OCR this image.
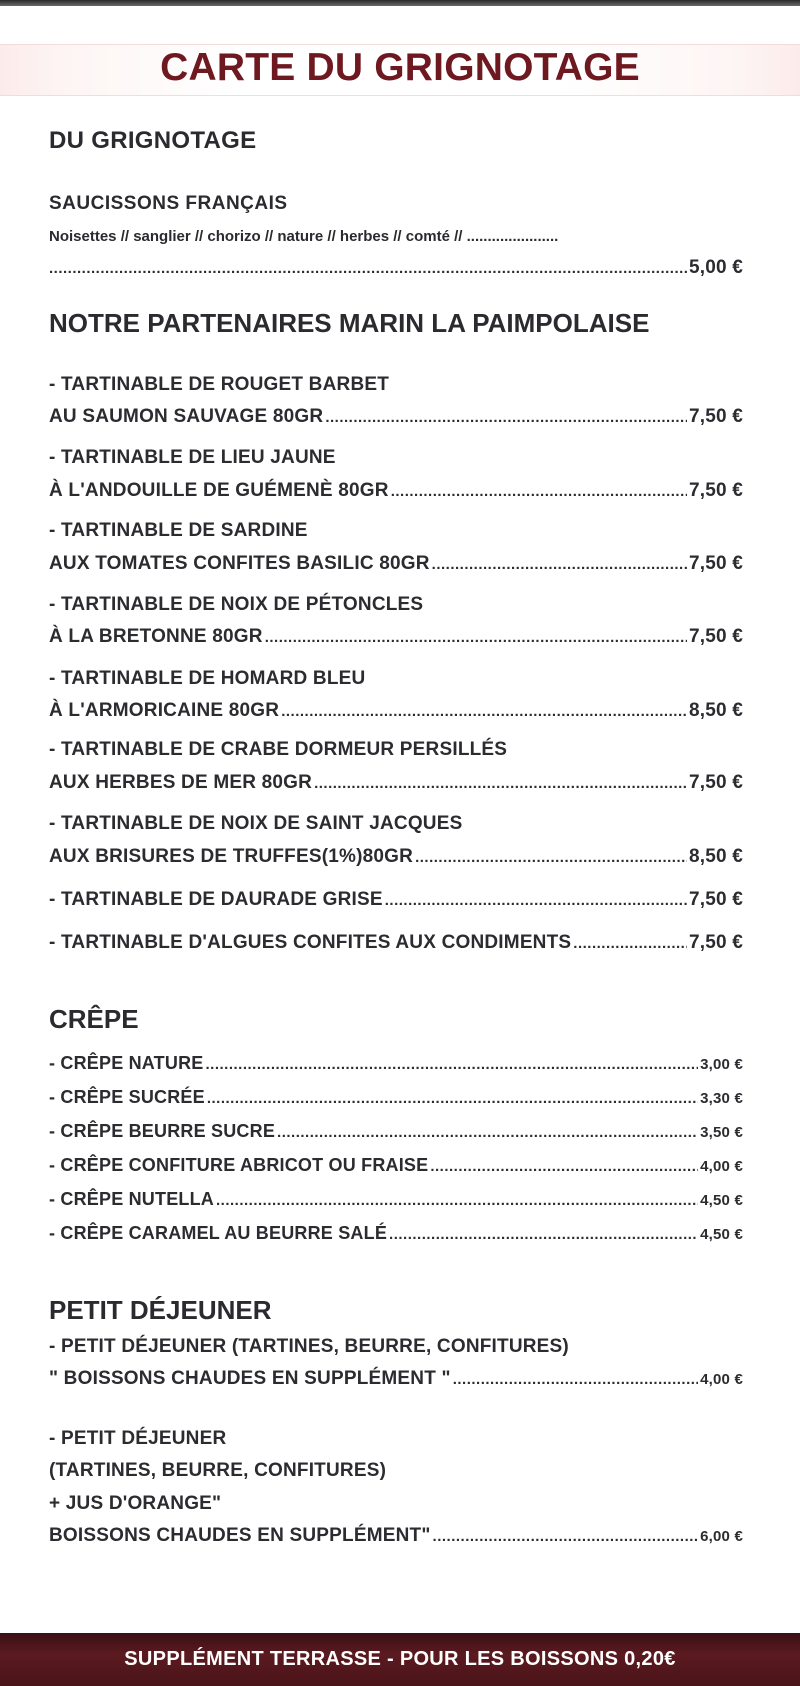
CARTE DU GRIGNOTAGE
DU GRIGNOTAGE
SAUCISSONS FRANÇAIS
Noisettes // sanglier // chorizo // nature // herbes // comté // ......................
.....
5,00 €
NOTRE PARTENAIRES MARIN LA PAIMPOLAISE
- TARTINABLE DE ROUGET BARBET
AU SAUMON SAUVAGE 80GR .....	7,50 €
- TARTINABLE DE LIEU JAUNE
À L'ANDOUILLE DE GUÉMENÈ 80GR .....	7,50 €
- TARTINABLE DE SARDINE
AUX TOMATES CONFITES BASILIC 80GR .....	7,50 €
- TARTINABLE DE NOIX DE PÉTONCLES
À LA BRETONNE 80GR .....	7,50 €
- TARTINABLE DE HOMARD BLEU
À L'ARMORICAINE 80GR .....	8,50 €
- TARTINABLE DE CRABE DORMEUR PERSILLÉS
AUX HERBES DE MER 80GR .....	7,50 €
- TARTINABLE DE NOIX DE SAINT JACQUES
AUX BRISURES DE TRUFFES(1%)80GR .....	8,50 €
- TARTINABLE DE DAURADE GRISE .....	7,50 €
- TARTINABLE D'ALGUES CONFITES AUX CONDIMENTS .....	7,50 €
CRÊPE
- CRÊPE NATURE .....	3,00 €
- CRÊPE SUCRÉE .....	3,30 €
- CRÊPE BEURRE SUCRE .....	3,50 €
- CRÊPE CONFITURE ABRICOT OU FRAISE .....	4,00 €
- CRÊPE NUTELLA .....	4,50 €
- CRÊPE CARAMEL AU BEURRE SALÉ .....	4,50 €
PETIT DÉJEUNER
- PETIT DÉJEUNER (TARTINES, BEURRE, CONFITURES)
" BOISSONS CHAUDES EN SUPPLÉMENT " .....	4,00 €
- PETIT DÉJEUNER
(TARTINES, BEURRE, CONFITURES)
+ JUS D'ORANGE"
BOISSONS CHAUDES EN SUPPLÉMENT" .....	6,00 €
SUPPLÉMENT TERRASSE - POUR LES BOISSONS 0,20€
